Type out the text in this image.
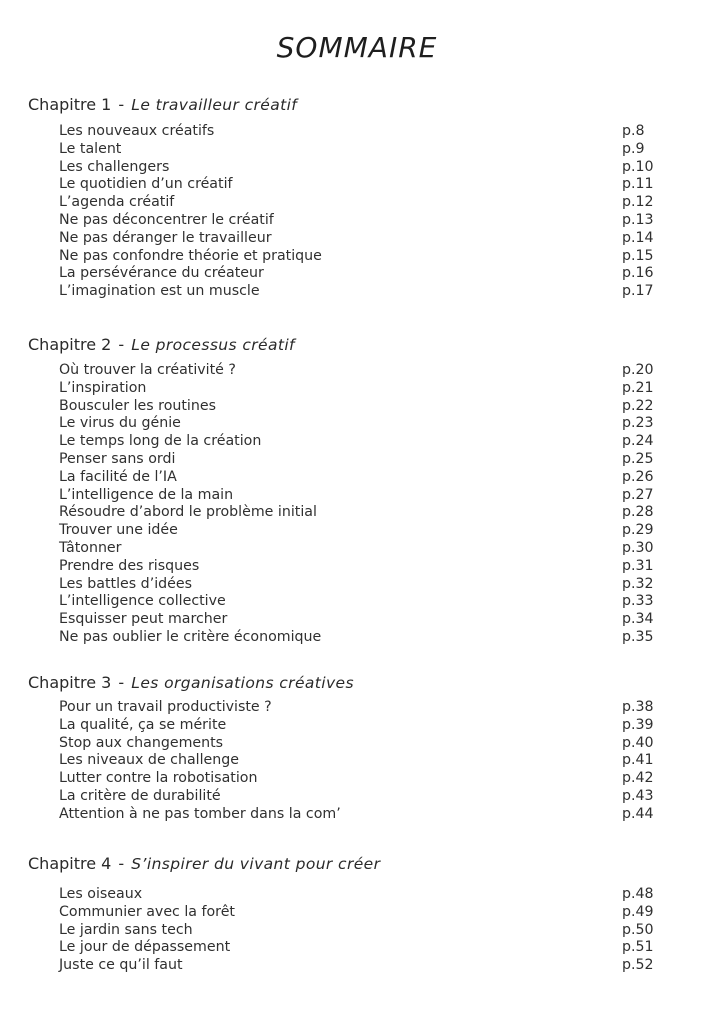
SOMMAIRE
Chapitre 1 - Le travailleur créatif
Les nouveaux créatifs	p.8
Le talent	p.9
Les challengers	p.10
Le quotidien d’un créatif	p.11
L’agenda créatif	p.12
Ne pas déconcentrer le créatif	p.13
Ne pas déranger le travailleur	p.14
Ne pas confondre théorie et pratique	p.15
La persévérance du créateur	p.16
L’imagination est un muscle	p.17
Chapitre 2 - Le processus créatif
Où trouver la créativité ?	p.20
L’inspiration	p.21
Bousculer les routines	p.22
Le virus du génie	p.23
Le temps long de la création	p.24
Penser sans ordi	p.25
La facilité de l’IA	p.26
L’intelligence de la main	p.27
Résoudre d’abord le problème initial	p.28
Trouver une idée	p.29
Tâtonner	p.30
Prendre des risques	p.31
Les battles d’idées	p.32
L’intelligence collective	p.33
Esquisser peut marcher	p.34
Ne pas oublier le critère économique	p.35
Chapitre 3 - Les organisations créatives
Pour un travail productiviste ?	p.38
La qualité, ça se mérite	p.39
Stop aux changements	p.40
Les niveaux de challenge	p.41
Lutter contre la robotisation	p.42
La critère de durabilité	p.43
Attention à ne pas tomber dans la com’	p.44
Chapitre 4 - S’inspirer du vivant pour créer
Les oiseaux	p.48
Communier avec la forêt	p.49
Le jardin sans tech	p.50
Le jour de dépassement	p.51
Juste ce qu’il faut	p.52
